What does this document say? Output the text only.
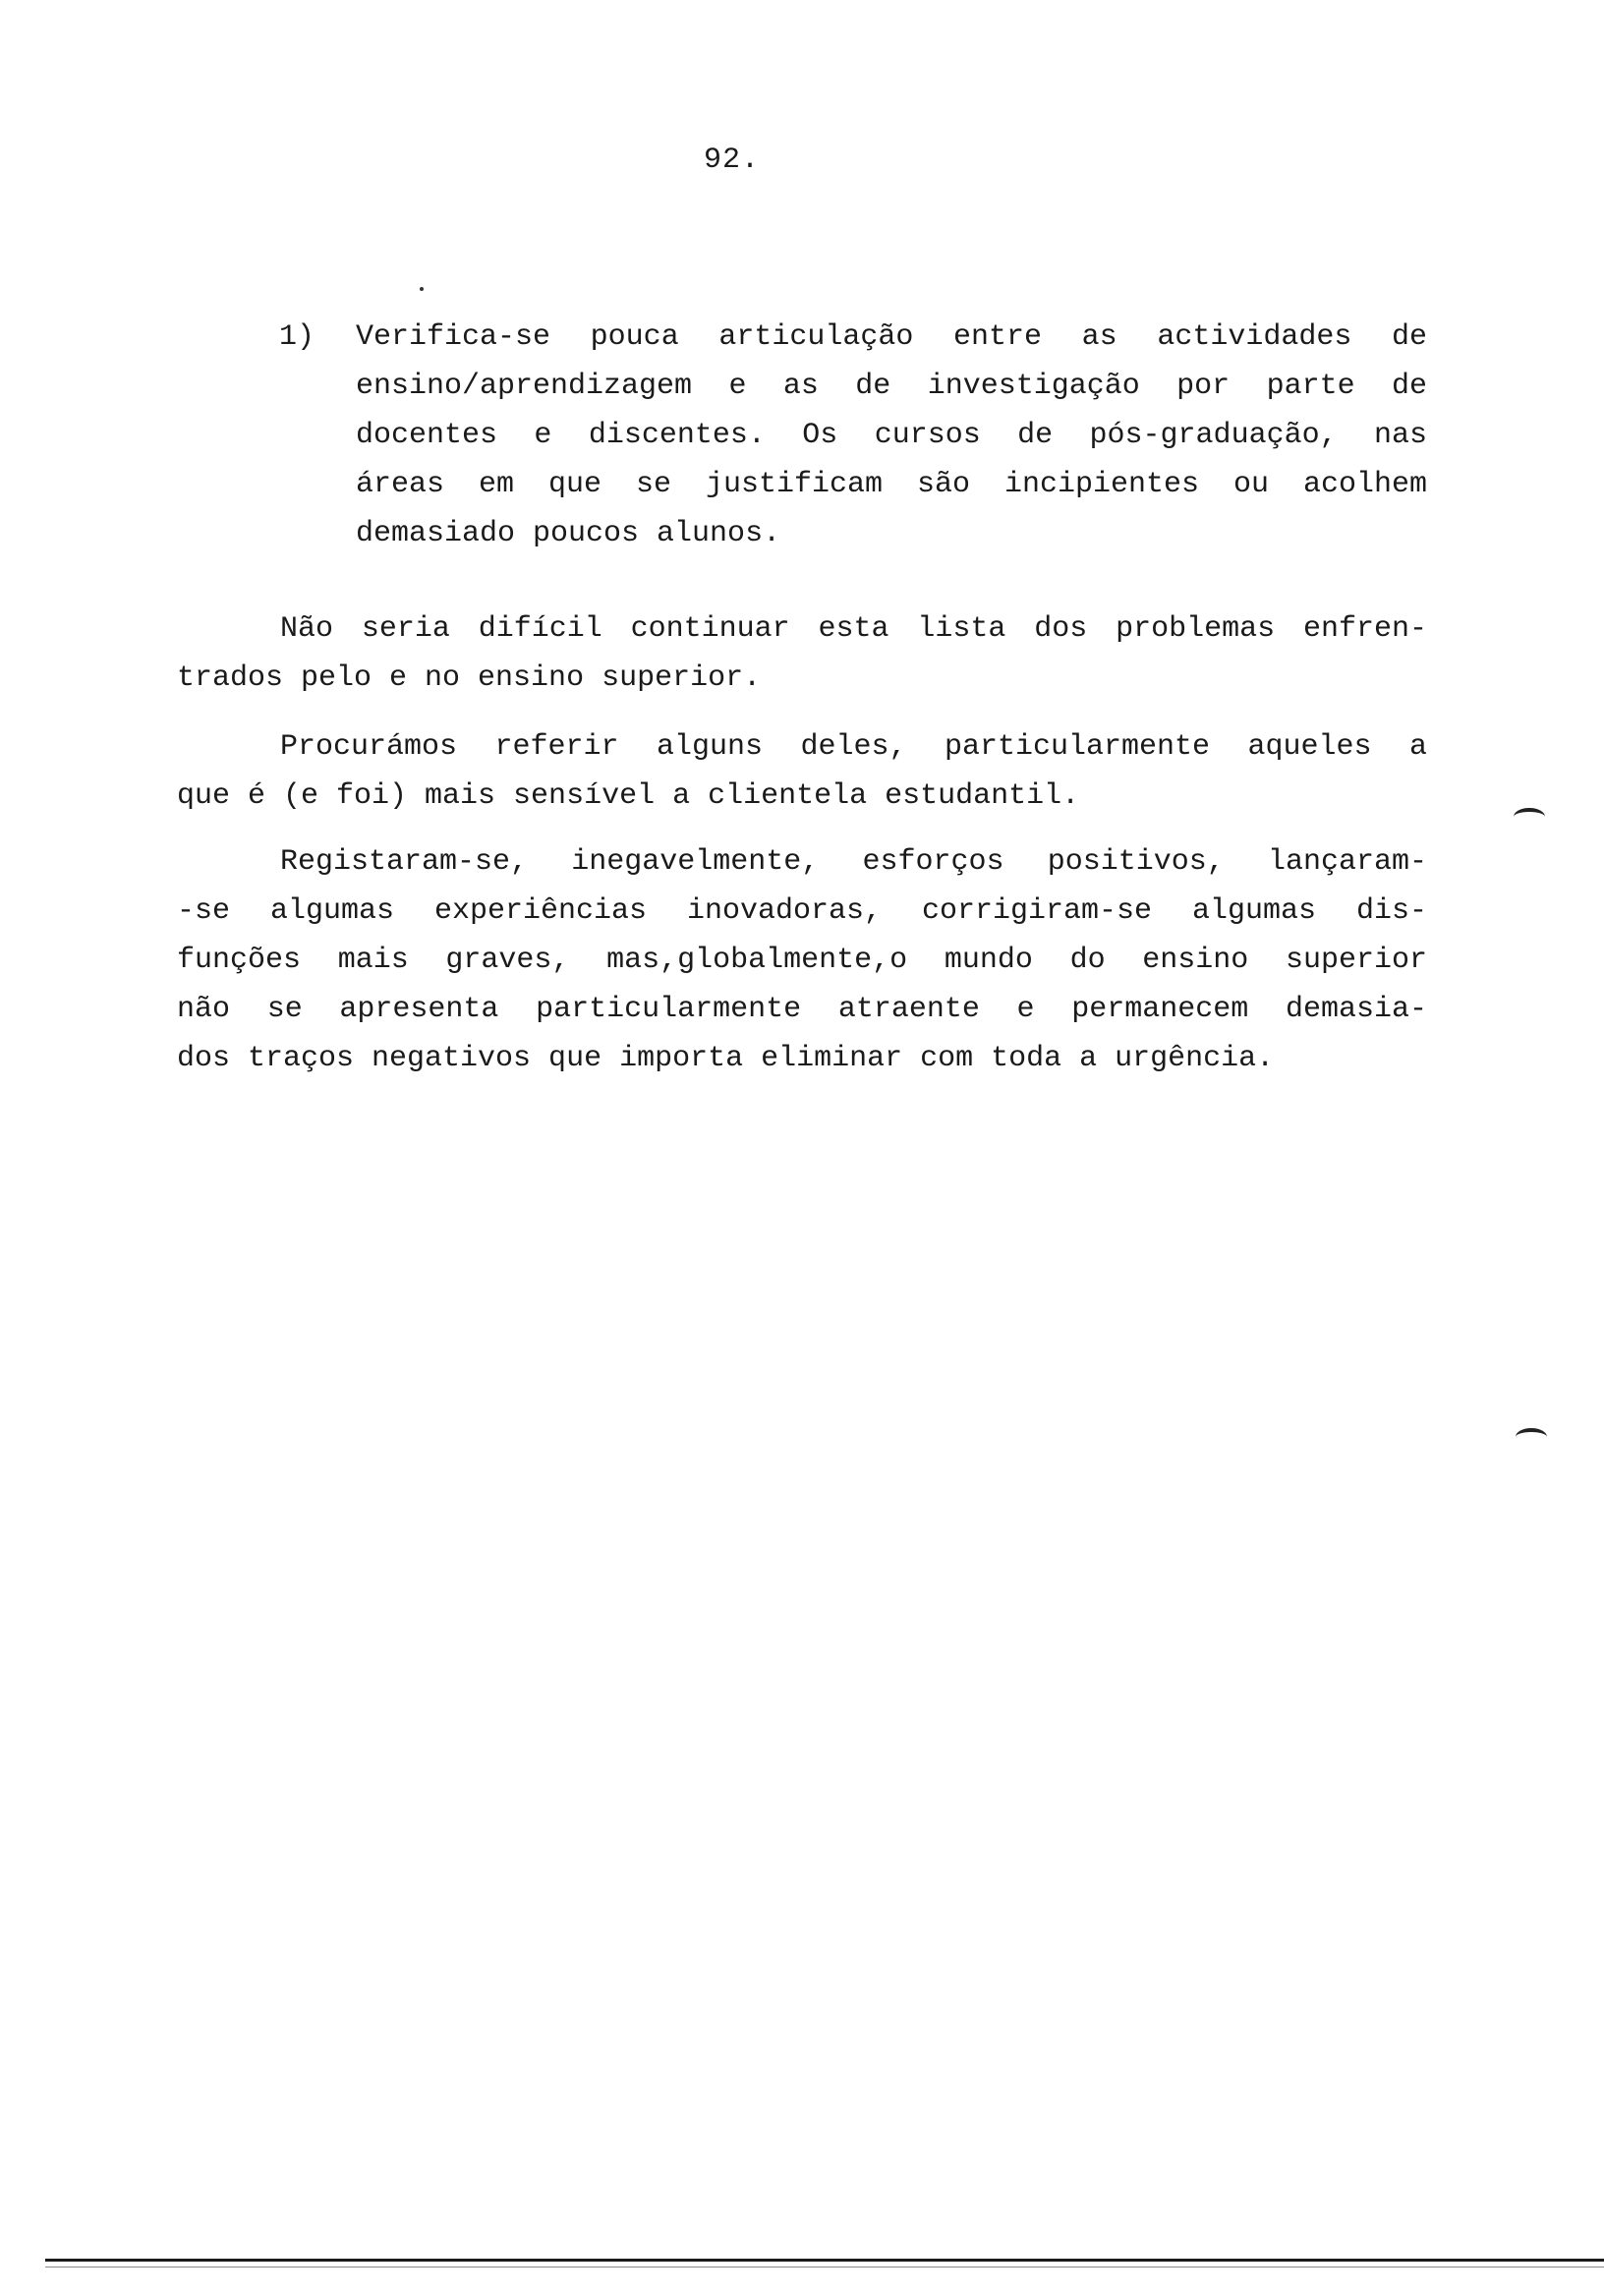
92.
1) Verifica-se pouca articulação entre as actividades de
ensino/aprendizagem e as de investigação por parte de
docentes e discentes. Os cursos de pós-graduação, nas
áreas em que se justificam são incipientes ou acolhem
demasiado poucos alunos.
Não seria difícil continuar esta lista dos problemas enfren-
trados pelo e no ensino superior.
Procurámos referir alguns deles, particularmente aqueles a
que é (e foi) mais sensível a clientela estudantil.
Registaram-se, inegavelmente, esforços positivos, lançaram-
-se algumas experiências inovadoras, corrigiram-se algumas dis-
funções mais graves, mas,globalmente,o mundo do ensino superior
não se apresenta particularmente atraente e permanecem demasia-
dos traços negativos que importa eliminar com toda a urgência.
